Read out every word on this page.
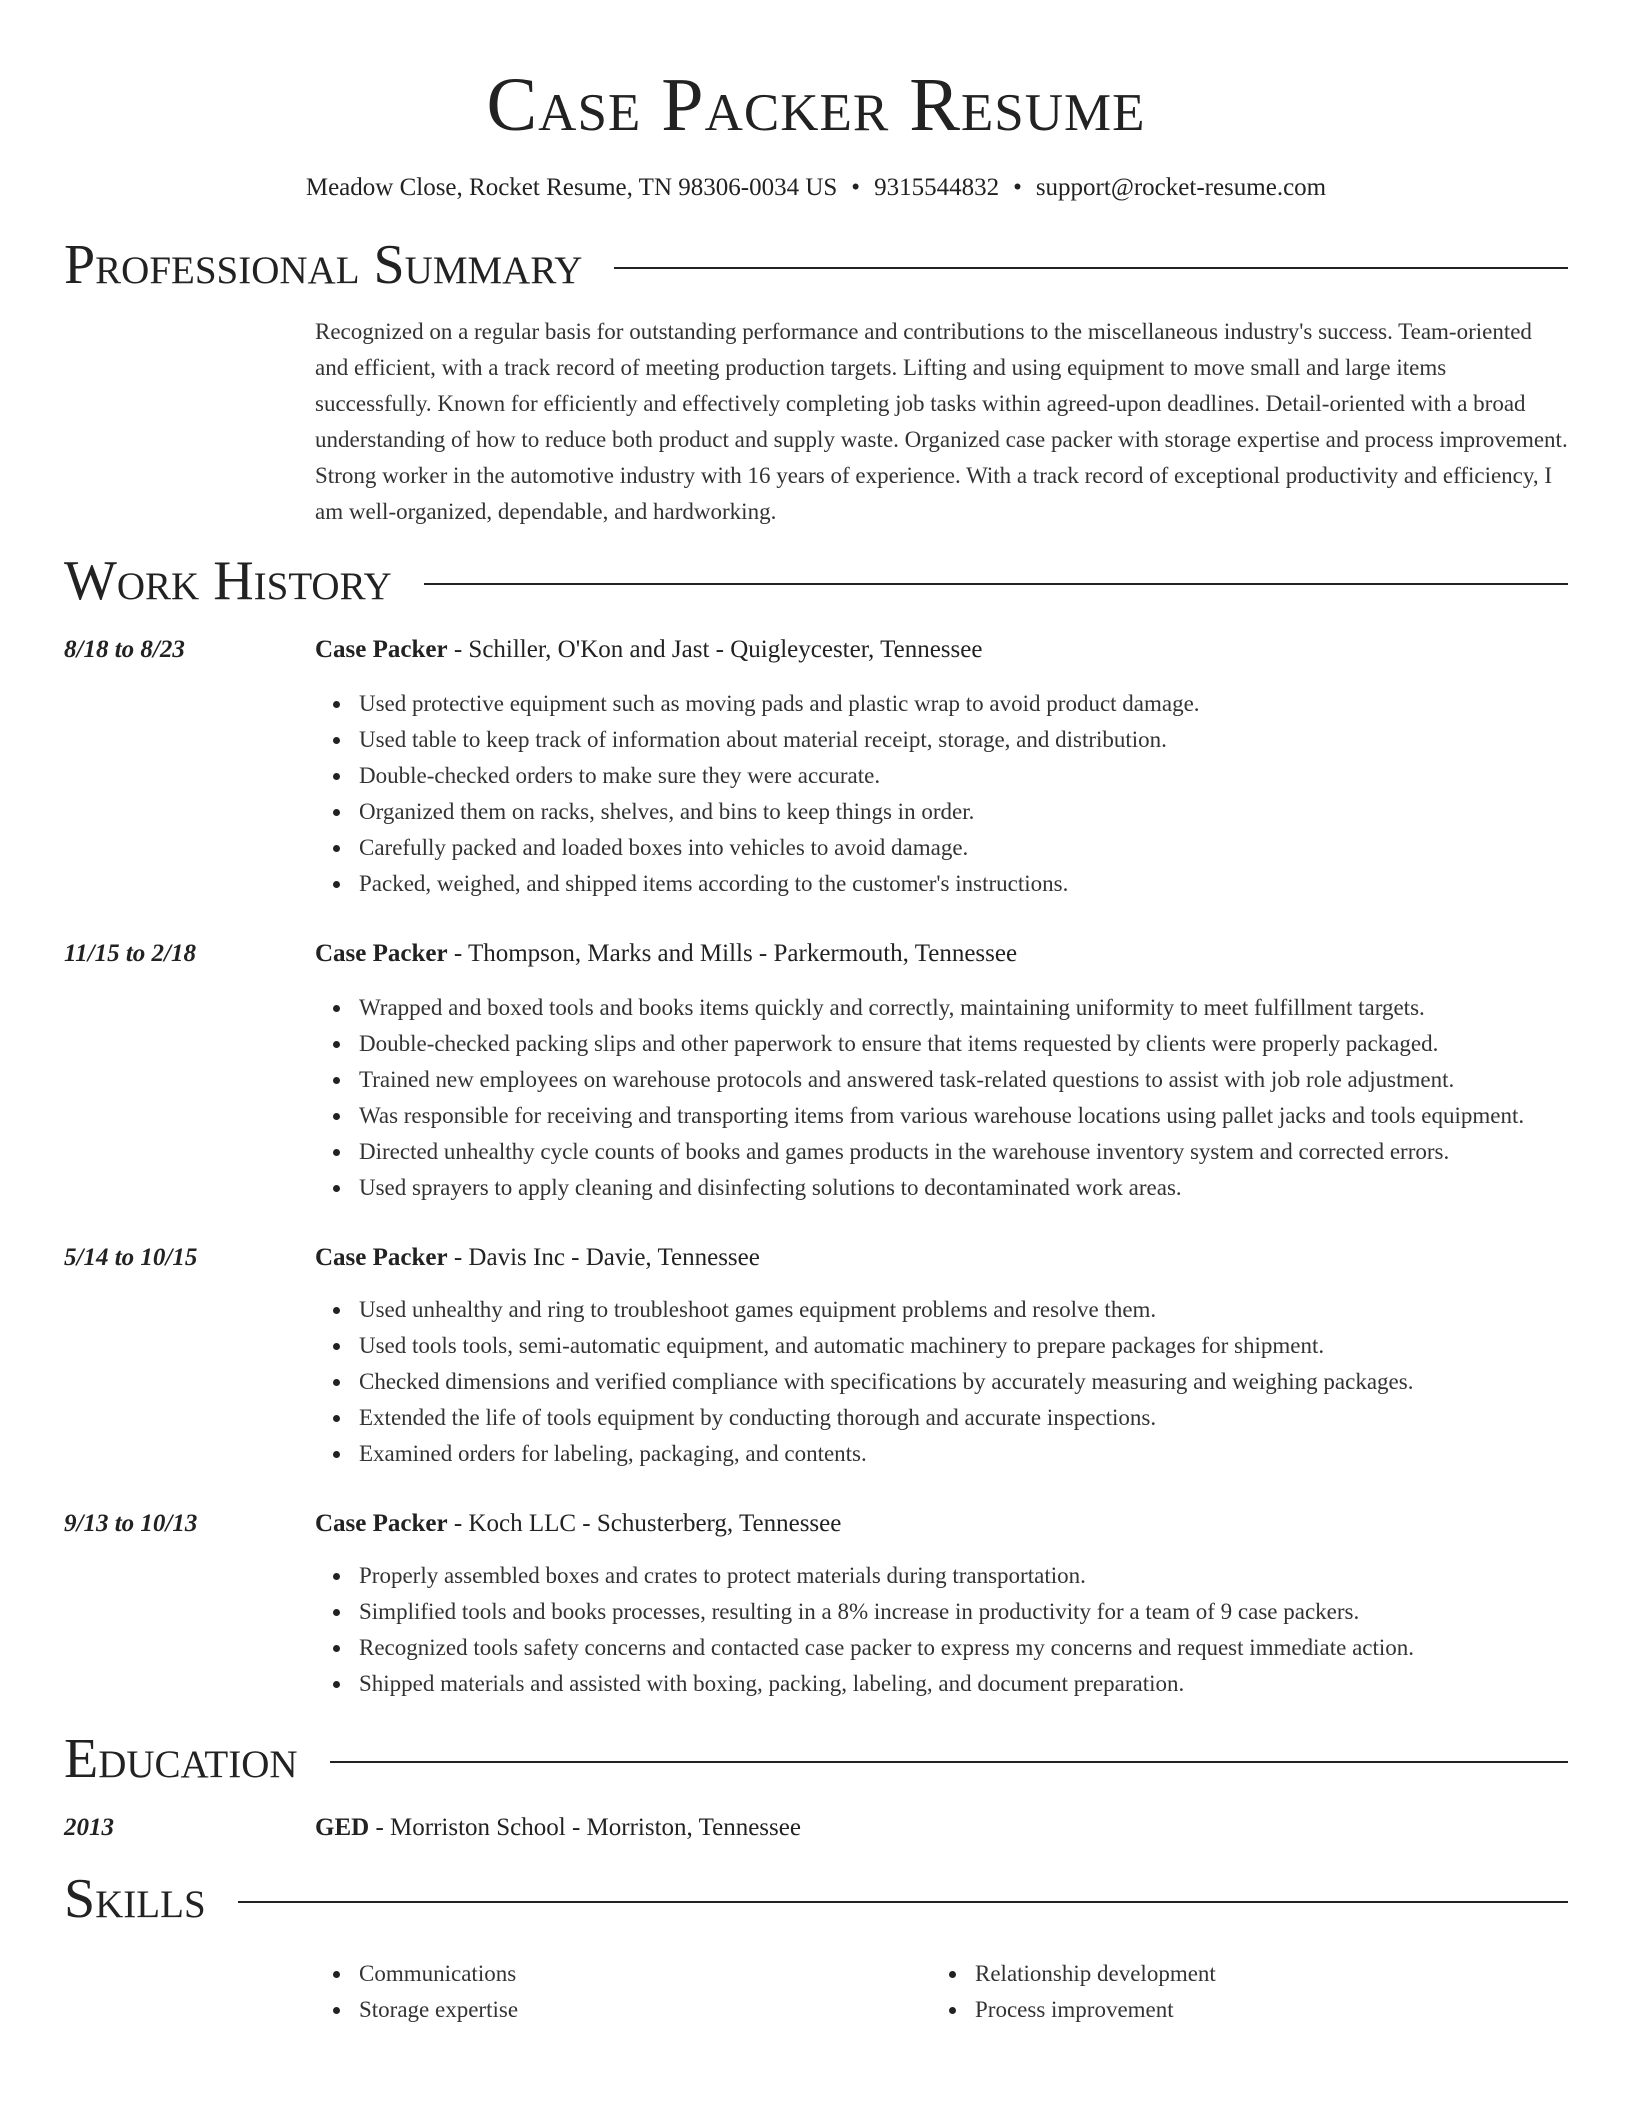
Case Packer Resume
Meadow Close, Rocket Resume, TN 98306-0034 US • 9315544832 • support@rocket-resume.com
Professional Summary
Recognized on a regular basis for outstanding performance and contributions to the miscellaneous industry's success. Team-oriented and efficient, with a track record of meeting production targets. Lifting and using equipment to move small and large items successfully. Known for efficiently and effectively completing job tasks within agreed-upon deadlines. Detail-oriented with a broad understanding of how to reduce both product and supply waste. Organized case packer with storage expertise and process improvement. Strong worker in the automotive industry with 16 years of experience. With a track record of exceptional productivity and efficiency, I am well-organized, dependable, and hardworking.
Work History
8/18 to 8/23	Case Packer - Schiller, O'Kon and Jast - Quigleycester, Tennessee
Used protective equipment such as moving pads and plastic wrap to avoid product damage.
Used table to keep track of information about material receipt, storage, and distribution.
Double-checked orders to make sure they were accurate.
Organized them on racks, shelves, and bins to keep things in order.
Carefully packed and loaded boxes into vehicles to avoid damage.
Packed, weighed, and shipped items according to the customer's instructions.
11/15 to 2/18	Case Packer - Thompson, Marks and Mills - Parkermouth, Tennessee
Wrapped and boxed tools and books items quickly and correctly, maintaining uniformity to meet fulfillment targets.
Double-checked packing slips and other paperwork to ensure that items requested by clients were properly packaged.
Trained new employees on warehouse protocols and answered task-related questions to assist with job role adjustment.
Was responsible for receiving and transporting items from various warehouse locations using pallet jacks and tools equipment.
Directed unhealthy cycle counts of books and games products in the warehouse inventory system and corrected errors.
Used sprayers to apply cleaning and disinfecting solutions to decontaminated work areas.
5/14 to 10/15	Case Packer - Davis Inc - Davie, Tennessee
Used unhealthy and ring to troubleshoot games equipment problems and resolve them.
Used tools tools, semi-automatic equipment, and automatic machinery to prepare packages for shipment.
Checked dimensions and verified compliance with specifications by accurately measuring and weighing packages.
Extended the life of tools equipment by conducting thorough and accurate inspections.
Examined orders for labeling, packaging, and contents.
9/13 to 10/13	Case Packer - Koch LLC - Schusterberg, Tennessee
Properly assembled boxes and crates to protect materials during transportation.
Simplified tools and books processes, resulting in a 8% increase in productivity for a team of 9 case packers.
Recognized tools safety concerns and contacted case packer to express my concerns and request immediate action.
Shipped materials and assisted with boxing, packing, labeling, and document preparation.
Education
2013	GED - Morriston School - Morriston, Tennessee
Skills
Communications
Storage expertise
Relationship development
Process improvement
